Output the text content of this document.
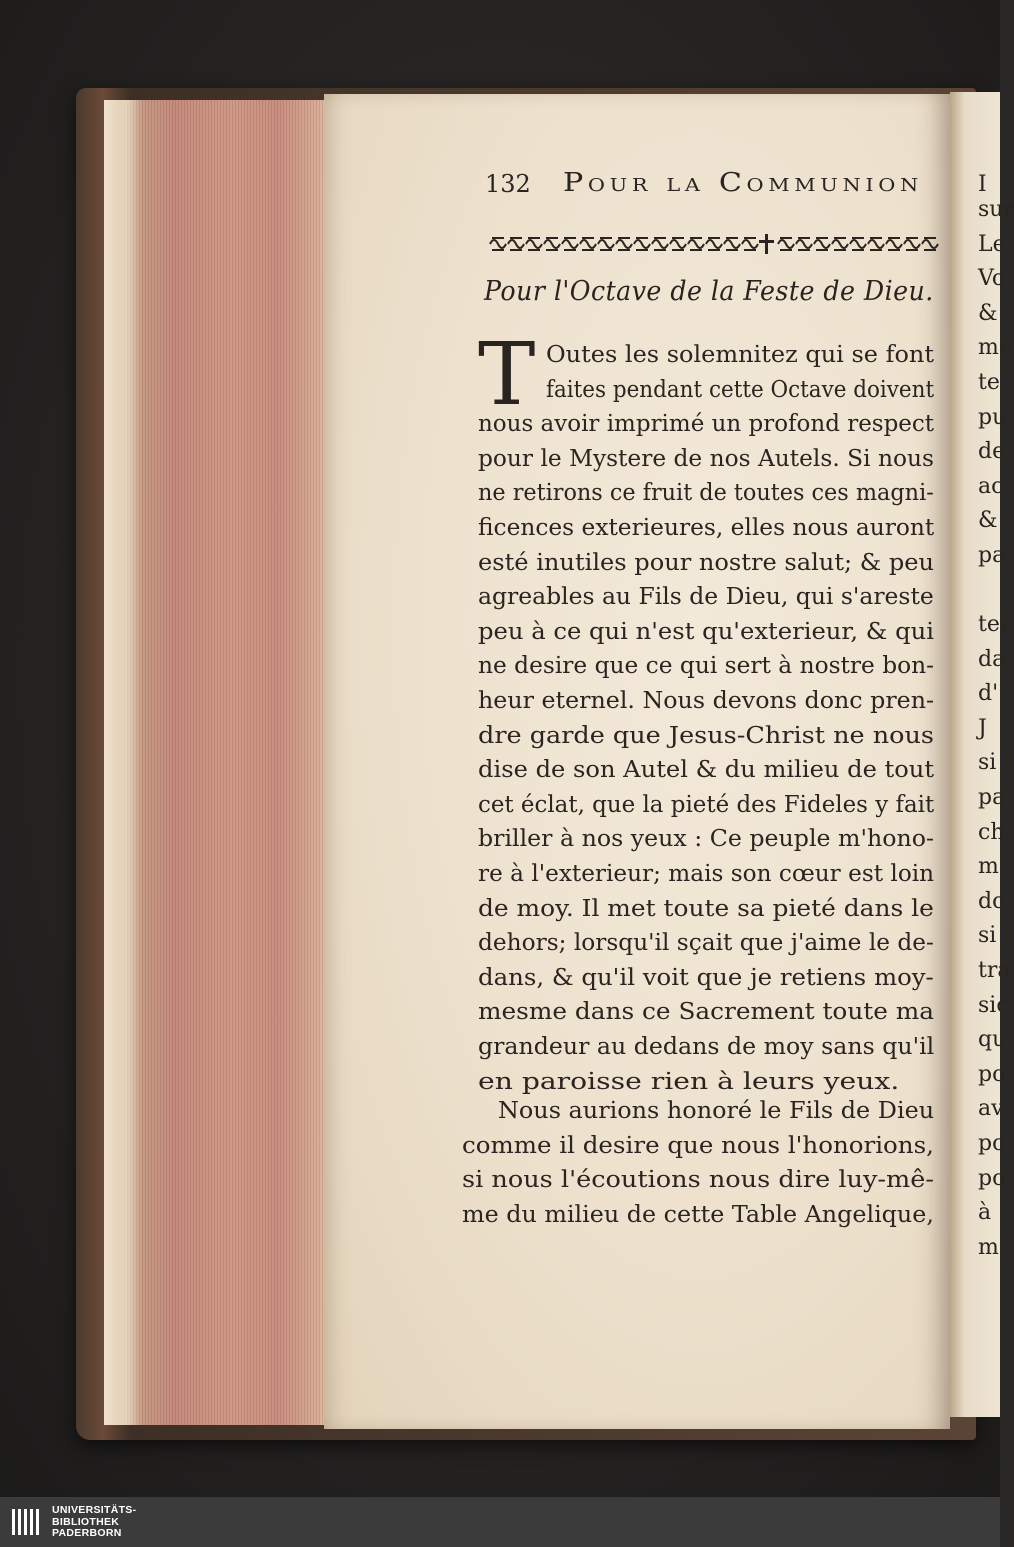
I
sur
Le
Vo
&
me
te
pu
de
ac
&
pa
ter
da
d'
J
si
pa
ch
m
do
si
tra
sic
qu
po
av
po
po
à
m
132 Pour la Communion
Pour l'Octave de la Feste de Dieu.
T Outes les solemnitez qui se font
faites pendant cette Octave doivent
nous avoir imprimé un profond respect
pour le Mystere de nos Autels. Si nous
ne retirons ce fruit de toutes ces magni-
ficences exterieures, elles nous auront
esté inutiles pour nostre salut; & peu
agreables au Fils de Dieu, qui s'areste
peu à ce qui n'est qu'exterieur, & qui
ne desire que ce qui sert à nostre bon-
heur eternel. Nous devons donc pren-
dre garde que Jesus-Christ ne nous
dise de son Autel & du milieu de tout
cet éclat, que la pieté des Fideles y fait
briller à nos yeux : Ce peuple m'hono-
re à l'exterieur; mais son cœur est loin
de moy. Il met toute sa pieté dans le
dehors; lorsqu'il sçait que j'aime le de-
dans, & qu'il voit que je retiens moy-
mesme dans ce Sacrement toute ma
grandeur au dedans de moy sans qu'il
en paroisse rien à leurs yeux.
Nous aurions honoré le Fils de Dieu
comme il desire que nous l'honorions,
si nous l'écoutions nous dire luy-mê-
me du milieu de cette Table Angelique,
UNIVERSITÄTS-
BIBLIOTHEK
PADERBORN
